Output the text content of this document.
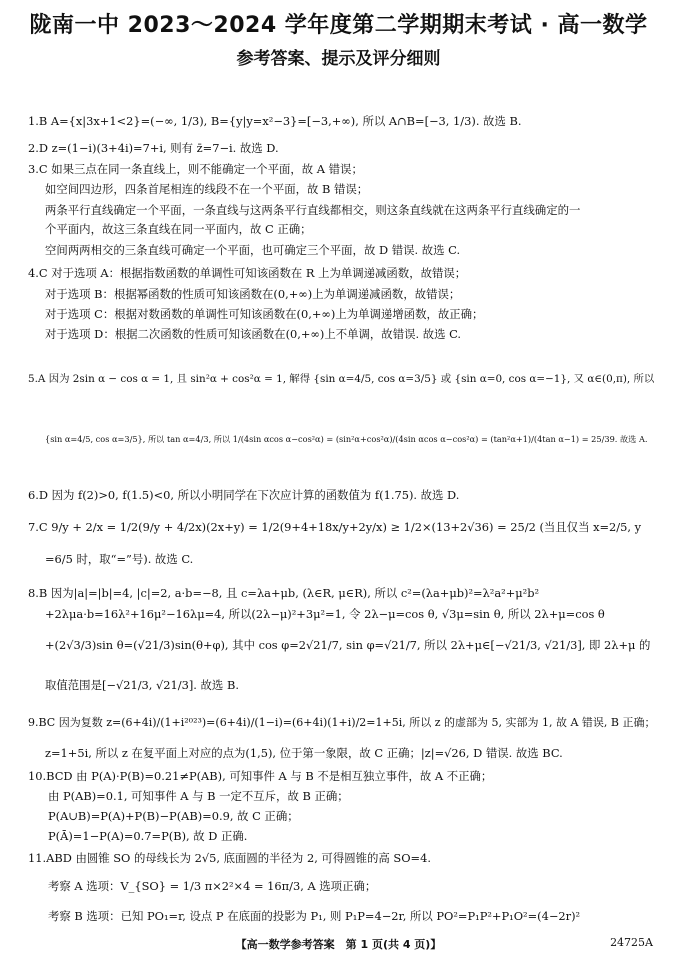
陇南一中 2023～2024 学年度第二学期期末考试 · 高一数学
参考答案、提示及评分细则
1.B A={x|3x+1<2}=(−∞, 1/3), B={y|y=x²−3}=[−3,+∞), 所以 A∩B=[−3, 1/3). 故选 B.
2.D z=(1−i)(3+4i)=7+i, 则有 z̄=7−i. 故选 D.
3.C 如果三点在同一条直线上，则不能确定一个平面，故 A 错误；
如空间四边形，四条首尾相连的线段不在一个平面，故 B 错误；
两条平行直线确定一个平面，一条直线与这两条平行直线都相交，则这条直线就在这两条平行直线确定的一
个平面内，故这三条直线在同一平面内，故 C 正确；
空间两两相交的三条直线可确定一个平面，也可确定三个平面，故 D 错误. 故选 C.
4.C 对于选项 A：根据指数函数的单调性可知该函数在 R 上为单调递减函数，故错误；
对于选项 B：根据幂函数的性质可知该函数在(0,+∞)上为单调递减函数，故错误；
对于选项 C：根据对数函数的单调性可知该函数在(0,+∞)上为单调递增函数，故正确；
对于选项 D：根据二次函数的性质可知该函数在(0,+∞)上不单调，故错误. 故选 C.
5.A 因为 2sin α − cos α = 1, 且 sin²α + cos²α = 1, 解得 {sin α=4/5, cos α=3/5} 或 {sin α=0, cos α=−1}, 又 α∈(0,π), 所以
{sin α=4/5, cos α=3/5}, 所以 tan α=4/3, 所以 1/(4sin αcos α−cos²α) = (sin²α+cos²α)/(4sin αcos α−cos²α) = (tan²α+1)/(4tan α−1) = 25/39. 故选 A.
6.D 因为 f(2)>0, f(1.5)<0, 所以小明同学在下次应计算的函数值为 f(1.75). 故选 D.
7.C 9/y + 2/x = 1/2(9/y + 4/2x)(2x+y) = 1/2(9+4+18x/y+2y/x) ≥ 1/2×(13+2√36) = 25/2 (当且仅当 x=2/5, y
=6/5 时，取“=”号). 故选 C.
8.B 因为|a|=|b|=4, |c|=2, a·b=−8, 且 c=λa+μb, (λ∈R, μ∈R), 所以 c²=(λa+μb)²=λ²a²+μ²b²
+2λμa·b=16λ²+16μ²−16λμ=4, 所以(2λ−μ)²+3μ²=1, 令 2λ−μ=cos θ, √3μ=sin θ, 所以 2λ+μ=cos θ
+(2√3/3)sin θ=(√21/3)sin(θ+φ), 其中 cos φ=2√21/7, sin φ=√21/7, 所以 2λ+μ∈[−√21/3, √21/3], 即 2λ+μ 的
取值范围是[−√21/3, √21/3]. 故选 B.
9.BC 因为复数 z=(6+4i)/(1+i²⁰²³)=(6+4i)/(1−i)=(6+4i)(1+i)/2=1+5i, 所以 z 的虚部为 5, 实部为 1, 故 A 错误, B 正确；
z=1+5i, 所以 z 在复平面上对应的点为(1,5), 位于第一象限，故 C 正确；|z|=√26, D 错误. 故选 BC.
10.BCD 由 P(A)·P(B)=0.21≠P(AB), 可知事件 A 与 B 不是相互独立事件，故 A 不正确；
由 P(AB)=0.1, 可知事件 A 与 B 一定不互斥，故 B 正确；
P(A∪B)=P(A)+P(B)−P(AB)=0.9, 故 C 正确；
P(Ā)=1−P(A)=0.7=P(B), 故 D 正确.
11.ABD 由圆锥 SO 的母线长为 2√5, 底面圆的半径为 2, 可得圆锥的高 SO=4.
考察 A 选项：V_{SO} = 1/3 π×2²×4 = 16π/3, A 选项正确；
考察 B 选项：已知 PO₁=r, 设点 P 在底面的投影为 P₁, 则 P₁P=4−2r, 所以 PO²=P₁P²+P₁O²=(4−2r)²
【高一数学参考答案　第 1 页(共 4 页)】	24725A
